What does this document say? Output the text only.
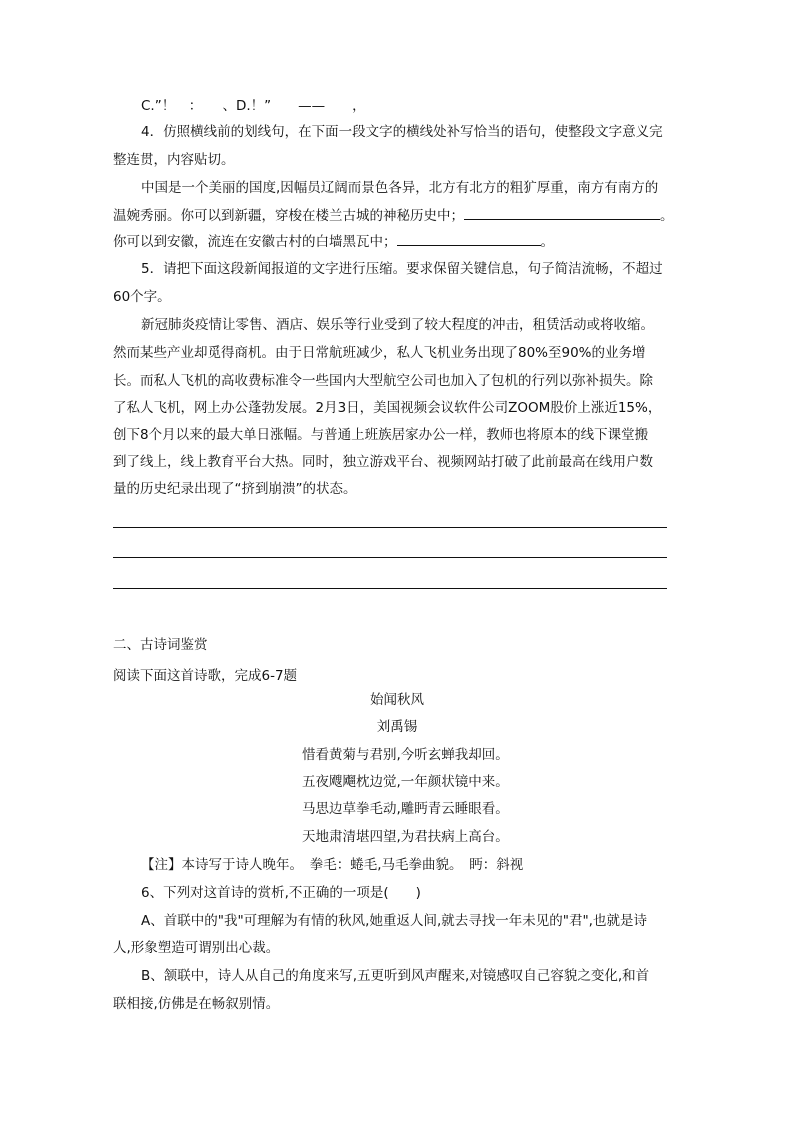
C.”！　：　　、D.！”　　——　　，
4．仿照横线前的划线句，在下面一段文字的横线处补写恰当的语句，使整段文字意义完
整连贯，内容贴切。
中国是一个美丽的国度,因幅员辽阔而景色各异，北方有北方的粗犷厚重，南方有南方的
温婉秀丽。你可以到新疆，穿梭在楼兰古城的神秘历史中；	。
你可以到安徽，流连在安徽古村的白墙黑瓦中；	。
5．请把下面这段新闻报道的文字进行压缩。要求保留关键信息，句子简洁流畅，不超过
60个字。
新冠肺炎疫情让零售、酒店、娱乐等行业受到了较大程度的冲击，租赁活动或将收缩。
然而某些产业却觅得商机。由于日常航班减少，私人飞机业务出现了80%至90%的业务增
长。而私人飞机的高收费标准令一些国内大型航空公司也加入了包机的行列以弥补损失。除
了私人飞机，网上办公蓬勃发展。2月3日，美国视频会议软件公司ZOOM股价上涨近15%，
创下8个月以来的最大单日涨幅。与普通上班族居家办公一样，教师也将原本的线下课堂搬
到了线上，线上教育平台大热。同时，独立游戏平台、视频网站打破了此前最高在线用户数
量的历史纪录出现了“挤到崩溃”的状态。
二、古诗词鉴赏
阅读下面这首诗歌，完成6-7题
始闻秋风
刘禹锡
惜看黄菊与君别,今听玄蝉我却回。
五夜飕飗枕边觉,一年颜状镜中来。
马思边草拳毛动,雕眄青云睡眼看。
天地肃清堪四望,为君扶病上高台。
【注】本诗写于诗人晚年。　拳毛：蜷毛,马毛拳曲貌。　眄：斜视
6、下列对这首诗的赏析,不正确的一项是(　　)
A、首联中的"我"可理解为有情的秋风,她重返人间,就去寻找一年未见的"君",也就是诗
人,形象塑造可谓别出心裁。
B、颔联中，诗人从自己的角度来写,五更听到风声醒来,对镜感叹自己容貌之变化,和首
联相接,仿佛是在畅叙别情。
